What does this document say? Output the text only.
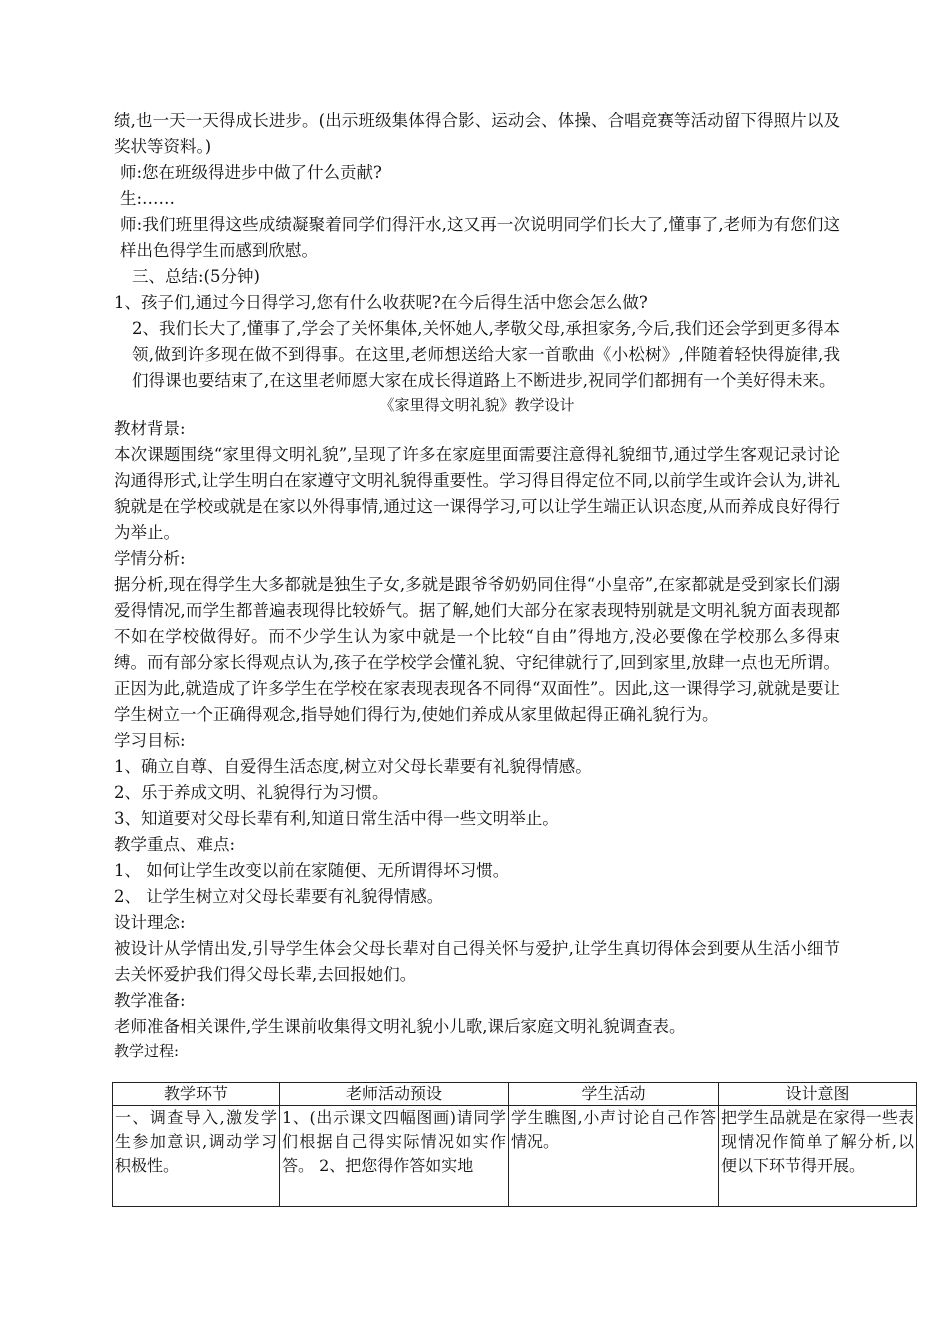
绩,也一天一天得成长进步。(出示班级集体得合影、运动会、体操、合唱竞赛等活动留下得照片以及奖状等资料。)

师:您在班级得进步中做了什么贡献?

生:……

师:我们班里得这些成绩凝聚着同学们得汗水,这又再一次说明同学们长大了,懂事了,老师为有您们这样出色得学生而感到欣慰。

三、总结:(5分钟)

1、孩子们,通过今日得学习,您有什么收获呢?在今后得生活中您会怎么做?

2、我们长大了,懂事了,学会了关怀集体,关怀她人,孝敬父母,承担家务,今后,我们还会学到更多得本领,做到许多现在做不到得事。在这里,老师想送给大家一首歌曲《小松树》,伴随着轻快得旋律,我们得课也要结束了,在这里老师愿大家在成长得道路上不断进步,祝同学们都拥有一个美好得未来。

《家里得文明礼貌》教学设计

教材背景:

本次课题围绕“家里得文明礼貌”,呈现了许多在家庭里面需要注意得礼貌细节,通过学生客观记录讨论沟通得形式,让学生明白在家遵守文明礼貌得重要性。学习得目得定位不同,以前学生或许会认为,讲礼貌就是在学校或就是在家以外得事情,通过这一课得学习,可以让学生端正认识态度,从而养成良好得行为举止。

学情分析:

据分析,现在得学生大多都就是独生子女,多就是跟爷爷奶奶同住得“小皇帝”,在家都就是受到家长们溺爱得情况,而学生都普遍表现得比较娇气。据了解,她们大部分在家表现特别就是文明礼貌方面表现都不如在学校做得好。而不少学生认为家中就是一个比较“自由”得地方,没必要像在学校那么多得束缚。而有部分家长得观点认为,孩子在学校学会懂礼貌、守纪律就行了,回到家里,放肆一点也无所谓。正因为此,就造成了许多学生在学校在家表现表现各不同得“双面性”。因此,这一课得学习,就就是要让学生树立一个正确得观念,指导她们得行为,使她们养成从家里做起得正确礼貌行为。

学习目标:

1、确立自尊、自爱得生活态度,树立对父母长辈要有礼貌得情感。

2、乐于养成文明、礼貌得行为习惯。

3、知道要对父母长辈有利,知道日常生活中得一些文明举止。

教学重点、难点:

1、 如何让学生改变以前在家随便、无所谓得坏习惯。

2、 让学生树立对父母长辈要有礼貌得情感。

设计理念:

被设计从学情出发,引导学生体会父母长辈对自己得关怀与爱护,让学生真切得体会到要从生活小细节去关怀爱护我们得父母长辈,去回报她们。

教学准备:

老师准备相关课件,学生课前收集得文明礼貌小儿歌,课后家庭文明礼貌调查表。

教学过程:

教学环节	老师活动预设	学生活动	设计意图
一、调查导入,激发学生参加意识,调动学习积极性。	1、(出示课文四幅图画)请同学们根据自己得实际情况如实作答。 2、把您得作答如实地	学生瞧图,小声讨论自己作答情况。	把学生品就是在家得一些表现情况作简单了解分析,以便以下环节得开展。
